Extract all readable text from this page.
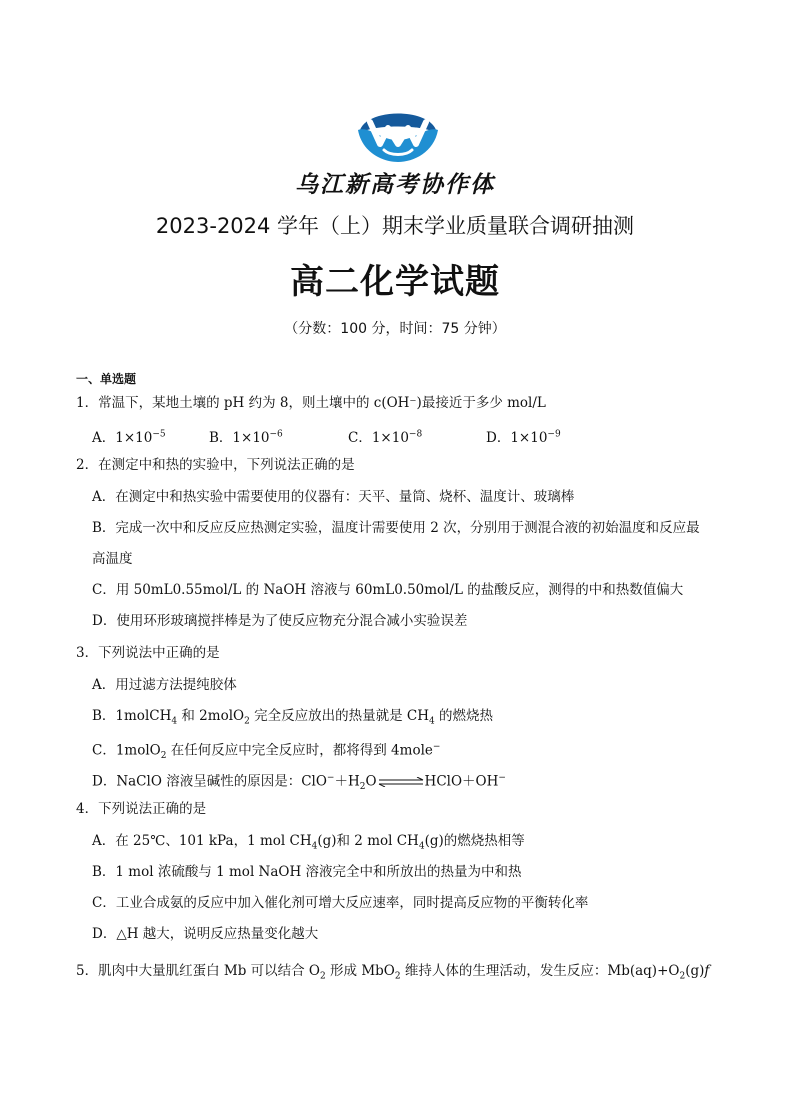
乌江新高考协作体
2023-2024 学年（上）期末学业质量联合调研抽测
高二化学试题
（分数：100 分，时间：75 分钟）
一、单选题
1．常温下，某地土壤的 pH 约为 8，则土壤中的 c(OH⁻)最接近于多少 mol/L
A．$1\times 10^{-5}$	B．$1\times 10^{-6}$	C．$1\times 10^{-8}$	D．$1\times 10^{-9}$
2．在测定中和热的实验中，下列说法正确的是
A．在测定中和热实验中需要使用的仪器有：天平、量筒、烧杯、温度计、玻璃棒
B．完成一次中和反应反应热测定实验，温度计需要使用 2 次，分别用于测混合液的初始温度和反应最
高温度
C．用 50mL0.55mol/L 的 NaOH 溶液与 60mL0.50mol/L 的盐酸反应，测得的中和热数值偏大
D．使用环形玻璃搅拌棒是为了使反应物充分混合减小实验误差
3．下列说法中正确的是
A．用过滤方法提纯胶体
B．1molCH$_4$ 和 2molO$_2$ 完全反应放出的热量就是 $CH_4$ 的燃烧热
C．1molO$_2$ 在任何反应中完全反应时，都将得到 4mole−
D．NaClO 溶液呈碱性的原因是：$ClO^-+H_2O\rightleftharpoons HClO+OH^-$
4．下列说法正确的是
A．在 25℃、101 kPa，1 mol $CH_4(g)$和 2 mol $CH_4(g)$的燃烧热相等
B．1 mol 浓硫酸与 1 mol NaOH 溶液完全中和所放出的热量为中和热
C．工业合成氨的反应中加入催化剂可增大反应速率，同时提高反应物的平衡转化率
D．△H 越大，说明反应热量变化越大
5．肌肉中大量肌红蛋白 Mb 可以结合 $O_2$ 形成 MbO$_2$ 维持人体的生理活动，发生反应：$Mb(aq)+O_2(g)f$
